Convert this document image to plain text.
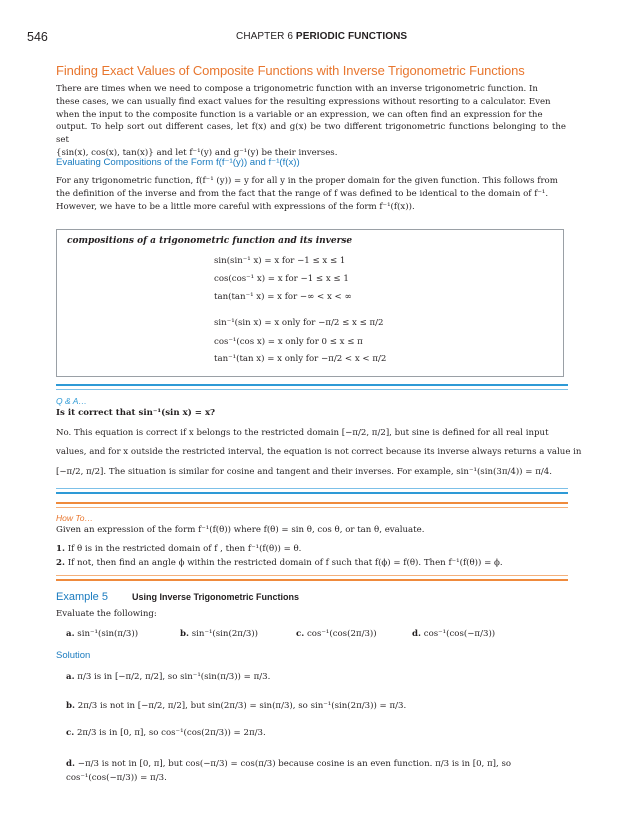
546	CHAPTER 6 PERIODIC FUNCTIONS
Finding Exact Values of Composite Functions with Inverse Trigonometric Functions
There are times when we need to compose a trigonometric function with an inverse trigonometric function. In
these cases, we can usually find exact values for the resulting expressions without resorting to a calculator. Even
when the input to the composite function is a variable or an expression, we can often find an expression for the
output. To help sort out different cases, let f(x) and g(x) be two different trigonometric functions belonging to the set
{sin(x), cos(x), tan(x)} and let f⁻¹(y) and g⁻¹(y) be their inverses.
Evaluating Compositions of the Form f(f⁻¹(y)) and f⁻¹(f(x))
For any trigonometric function, f(f⁻¹ (y)) = y for all y in the proper domain for the given function. This follows from
the definition of the inverse and from the fact that the range of f was defined to be identical to the domain of f⁻¹.
However, we have to be a little more careful with expressions of the form f⁻¹(f(x)).
compositions of a trigonometric function and its inverse
sin(sin⁻¹ x) = x for −1 ≤ x ≤ 1
cos(cos⁻¹ x) = x for −1 ≤ x ≤ 1
tan(tan⁻¹ x) = x for −∞ < x < ∞
sin⁻¹(sin x) = x only for −π/2 ≤ x ≤ π/2
cos⁻¹(cos x) = x only for 0 ≤ x ≤ π
tan⁻¹(tan x) = x only for −π/2 < x < π/2
Q & A…
Is it correct that sin⁻¹(sin x) = x?
No. This equation is correct if x belongs to the restricted domain [−π/2, π/2], but sine is defined for all real input
values, and for x outside the restricted interval, the equation is not correct because its inverse always returns a value in
[−π/2, π/2]. The situation is similar for cosine and tangent and their inverses. For example, sin⁻¹(sin(3π/4)) = π/4.
How To…
Given an expression of the form f⁻¹(f(θ)) where f(θ) = sin θ, cos θ, or tan θ, evaluate.
1. If θ is in the restricted domain of f , then f⁻¹(f(θ)) = θ.
2. If not, then find an angle ϕ within the restricted domain of f such that f(ϕ) = f(θ). Then f⁻¹(f(θ)) = ϕ.
Example 5	Using Inverse Trigonometric Functions
Evaluate the following:
a. sin⁻¹(sin(π/3))	b. sin⁻¹(sin(2π/3))	c. cos⁻¹(cos(2π/3))	d. cos⁻¹(cos(−π/3))
Solution
a. π/3 is in [−π/2, π/2], so sin⁻¹(sin(π/3)) = π/3.
b. 2π/3 is not in [−π/2, π/2], but sin(2π/3) = sin(π/3), so sin⁻¹(sin(2π/3)) = π/3.
c. 2π/3 is in [0, π], so cos⁻¹(cos(2π/3)) = 2π/3.
d. −π/3 is not in [0, π], but cos(−π/3) = cos(π/3) because cosine is an even function. π/3 is in [0, π], so cos⁻¹(cos(−π/3)) = π/3.
